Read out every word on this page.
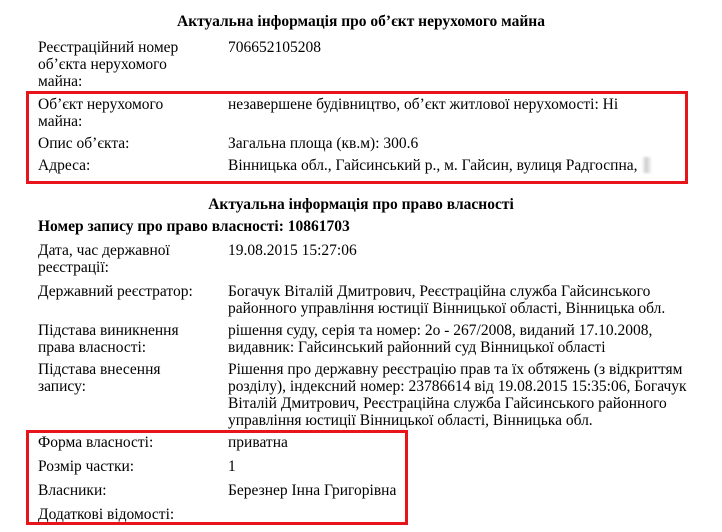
Актуальна інформація про об’єкт нерухомого майна
Реєстраційний номер об’єкта нерухомого майна:
706652105208
Об’єкт нерухомого майна:
незавершене будівництво, об’єкт житлової нерухомості: Ні
Опис об’єкта:	Загальна площа (кв.м): 300.6
Адреса:	Вінницька обл., Гайсинський р., м. Гайсин, вулиця Радгоспна,
Актуальна інформація про право власності
Номер запису про право власності: 10861703
Дата, час державної реєстрації:
19.08.2015 15:27:06
Державний реєстратор:	Богачук Віталій Дмитрович, Реєстраційна служба Гайсинського районного управління юстиції Вінницької області, Вінницька обл.
Підстава виникнення права власності:
рішення суду, серія та номер: 2о - 267/2008, виданий 17.10.2008, видавник: Гайсинський районний суд Вінницької області
Підстава внесення запису:
Рішення про державну реєстрацію прав та їх обтяжень (з відкриттям розділу), індексний номер: 23786614 від 19.08.2015 15:35:06, Богачук Віталій Дмитрович, Реєстраційна служба Гайсинського районного управління юстиції Вінницької області, Вінницька обл.
Форма власності:	приватна
Розмір частки:	1
Власники:	Березнер Інна Григорівна
Додаткові відомості:
